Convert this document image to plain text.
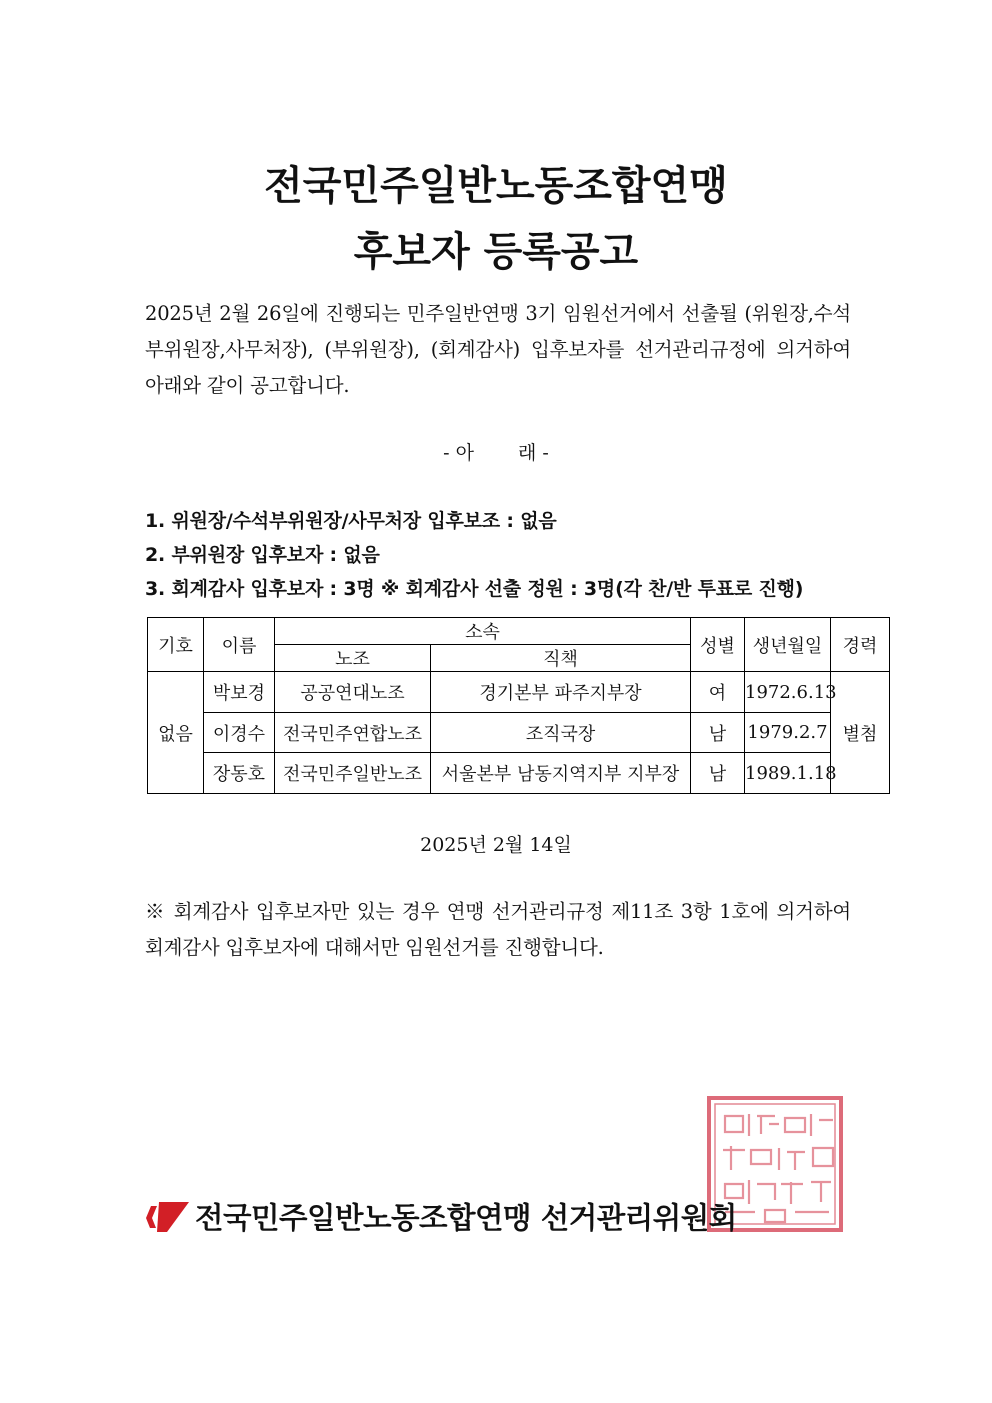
전국민주일반노동조합연맹
후보자 등록공고
2025년 2월 26일에 진행되는 민주일반연맹 3기 임원선거에서 선출될 (위원장,수석부위원장,사무처장), (부위원장), (회계감사) 입후보자를 선거관리규정에 의거하여 아래와 같이 공고합니다.
- 아 래 -
1. 위원장/수석부위원장/사무처장 입후보조 : 없음
2. 부위원장 입후보자 : 없음
3. 회계감사 입후보자 : 3명 ※ 회계감사 선출 정원 : 3명(각 찬/반 투표로 진행)
기호	이름	소속		성별	생년월일	경력
		노조	직책			
없음	박보경	공공연대노조	경기본부 파주지부장	여	1972.6.13	별첨
	이경수	전국민주연합노조	조직국장	남	1979.2.7	
	장동호	전국민주일반노조	서울본부 남동지역지부 지부장	남	1989.1.18	
2025년 2월 14일
※ 회계감사 입후보자만 있는 경우 연맹 선거관리규정 제11조 3항 1호에 의거하여 회계감사 입후보자에 대해서만 임원선거를 진행합니다.
전국민주일반노동조합연맹 선거관리위원회
